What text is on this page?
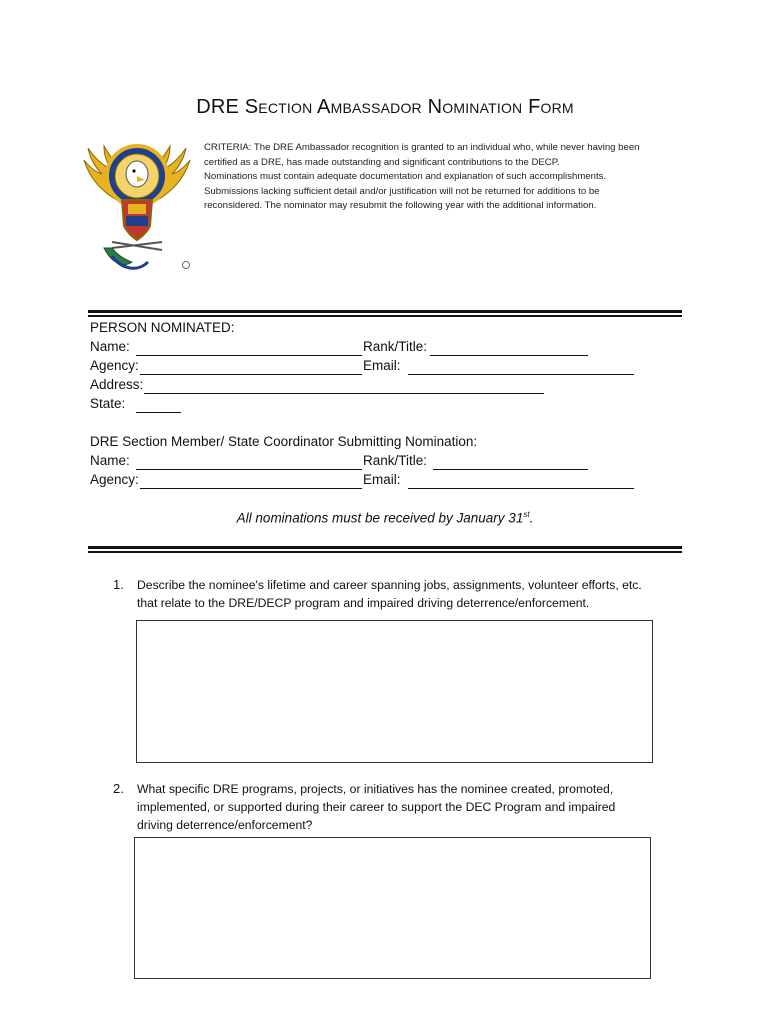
DRE Section Ambassador Nomination Form
CRITERIA: The DRE Ambassador recognition is granted to an individual who, while never having been
certified as a DRE, has made outstanding and significant contributions to the DECP.
Nominations must contain adequate documentation and explanation of such accomplishments.
Submissions lacking sufficient detail and/or justification will not be returned for additions to be
reconsidered. The nominator may resubmit the following year with the additional information.
PERSON NOMINATED:
Name:	Rank/Title:
Agency:	Email:
Address:
State:
DRE Section Member/ State Coordinator Submitting Nomination:
Name:	Rank/Title:
Agency:	Email:
All nominations must be received by January 31st.
1. Describe the nominee's lifetime and career spanning jobs, assignments, volunteer efforts, etc.
that relate to the DRE/DECP program and impaired driving deterrence/enforcement.
2. What specific DRE programs, projects, or initiatives has the nominee created, promoted,
implemented, or supported during their career to support the DEC Program and impaired
driving deterrence/enforcement?
